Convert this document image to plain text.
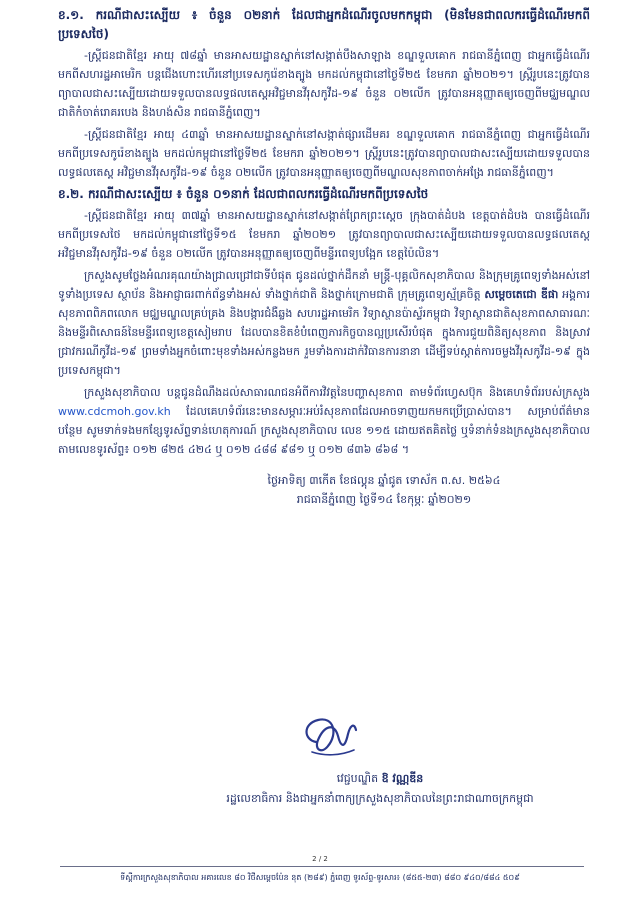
ខ.១. ករណីជាសះស្បើយ ៖ ចំនួន ០២នាក់ ដែលជាអ្នកដំណើរចូលមកកម្ពុជា (មិនមែនជាពលករធ្វើដំណើរមកពីប្រទេសថៃ)

-ស្ត្រីជនជាតិខ្មែរ អាយុ ៧៨ឆ្នាំ មានអាសយដ្ឋានស្នាក់នៅសង្កាត់បឹងសាឡាង ខណ្ឌទួលគោក រាជធានីភ្នំពេញ ជាអ្នកធ្វើដំណើរមកពីសហរដ្ឋអាមេរិក បន្តជើងហោះហើរនៅប្រទេសកូរ៉េខាងត្បូង មកដល់កម្ពុជានៅថ្ងៃទី២៥ ខែមករា ឆ្នាំ២០២១។ ស្ត្រីរូបនេះត្រូវបានព្យាបាលជាសះស្បើយដោយទទួលបានលទ្ធផលតេស្តអវិជ្ជមានវីរុសកូវីដ-១៩ ចំនួន ០២លើក ត្រូវបានអនុញ្ញាតឲ្យចេញពីមជ្ឈមណ្ឌលជាតិកំចាត់រោគរបេង និងហង់សិន រាជធានីភ្នំពេញ។

-ស្ត្រីជនជាតិខ្មែរ អាយុ ៤៣ឆ្នាំ មានអាសយដ្ឋានស្នាក់នៅសង្កាត់ផ្សារដើមគរ ខណ្ឌទួលគោក រាជធានីភ្នំពេញ ជាអ្នកធ្វើដំណើរមកពីប្រទេសកូរ៉េខាងត្បូង មកដល់កម្ពុជានៅថ្ងៃទី២៥ ខែមករា ឆ្នាំ២០២១។ ស្ត្រីរូបនេះត្រូវបានព្យាបាលជាសះស្បើយដោយទទួលបានលទ្ធផលតេស្ត អវិជ្ជមានវីរុសកូវីដ-១៩ ចំនួន ០២លើក ត្រូវបានអនុញ្ញាតឲ្យចេញពីមណ្ឌលសុខភាពចាក់អង្រែ រាជធានីភ្នំពេញ។

ខ.២. ករណីជាសះស្បើយ ៖ ចំនួន ០១នាក់ ដែលជាពលករធ្វើដំណើរមកពីប្រទេសថៃ

-ស្ត្រីជនជាតិខ្មែរ អាយុ ៣៧ឆ្នាំ មានអាសយដ្ឋានស្នាក់នៅសង្កាត់ព្រែកព្រះស្តេច ក្រុងបាត់ដំបង ខេត្តបាត់ដំបង បានធ្វើដំណើរមកពីប្រទេសថៃ មកដល់កម្ពុជានៅថ្ងៃទី១៥ ខែមករា ឆ្នាំ២០២១ ត្រូវបានព្យាបាលជាសះស្បើយដោយទទួលបានលទ្ធផលតេស្ត អវិជ្ជមានវីរុសកូវីដ-១៩ ចំនួន ០២លើក ត្រូវបានអនុញ្ញាតឲ្យចេញពីមន្ទីរពេទ្យបង្អែក ខេត្តប៉ៃលិន។

ក្រសួងសូមថ្លែងអំណរគុណយ៉ាងជ្រាលជ្រៅជាទីបំផុត ជូនដល់ថ្នាក់ដឹកនាំ មន្ត្រី-បុគ្គលិកសុខាភិបាល និងក្រុមគ្រូពេទ្យទាំងអស់នៅទូទាំងប្រទេស ស្ថាប័ន និងអាជ្ញាធរពាក់ព័ន្ធទាំងអស់ ទាំងថ្នាក់ជាតិ និងថ្នាក់ក្រោមជាតិ ក្រុមគ្រូពេទ្យស្ម័គ្រចិត្ត សម្តេចតេជោ ឌីផា អង្គការសុខភាពពិភពលោក មជ្ឈមណ្ឌលគ្រប់គ្រង និងបង្ការជំងឺឆ្លង សហរដ្ឋអាមេរិក វិទ្យាស្ថានប៉ាស្ទ័រកម្ពុជា វិទ្យាស្ថានជាតិសុខភាពសាធារណៈ និងមន្ទីរពិសោធន៍នៃមន្ទីរពេទ្យខេត្តសៀមរាប ដែលបានខិតខំបំពេញភារកិច្ចបានល្អប្រសើរបំផុត ក្នុងការជួយពិនិត្យសុខភាព និងស្រាវជ្រាវករណីកូវីដ-១៩ ព្រមទាំងអ្នកចំពោះមុខទាំងអស់កន្លងមក រួមទាំងការដាក់វិធានការនានា ដើម្បីទប់ស្កាត់ការចម្លងវីរុសកូវីដ-១៩ ក្នុងប្រទេសកម្ពុជា។

ក្រសួងសុខាភិបាល បន្តជូនដំណឹងដល់សាធារណជនអំពីការវិវត្តនៃបញ្ហាសុខភាព តាមទំព័រហ្វេសប៊ុក និងគេហទំព័ររបស់ក្រសួង www.cdcmoh.gov.kh ដែលគេហទំព័រនេះមានសម្ភារៈអប់រំសុខភាពដែលអាចទាញយកមកប្រើប្រាស់បាន។ សម្រាប់ព័ត៌មានបន្ថែម សូមទាក់ទងមកខ្សែទូរស័ព្ទទាន់ហេតុការណ៍ ក្រសួងសុខាភិបាល លេខ ១១៥ ដោយឥតគិតថ្លៃ ឬទំនាក់ទំនងក្រសួងសុខាភិបាល តាមលេខទូរស័ព្ទ៖ ០១២ ៨២៥ ៤២៤ ឬ ០១២ ៤៨៨ ៩៨១ ឬ ០១២ ៨៣៦ ៨៦៨ ។

ថ្ងៃអាទិត្យ ៣កើត ខែផល្គុន ឆ្នាំជូត ទោស័ក ព.ស. ២៥៦៤
រាជធានីភ្នំពេញ ថ្ងៃទី១៤ ខែកុម្ភៈ ឆ្នាំ២០២១
វេជ្ជបណ្ឌិត ឱ វណ្ណឌីន
រដ្ឋលេខាធិការ និងជាអ្នកនាំពាក្យក្រសួងសុខាភិបាលនៃព្រះរាជាណាចក្រកម្ពុជា
2 / 2
ទីស្តីការក្រសួងសុខាភិបាល អគារលេខ ៨០ វិថីសម្តេចប៉ែន នុត (២៨៩) ភ្នំពេញ ទូរស័ព្ទ-ទូរសារ៖ (៨៥៥-២៣) ៨៨០ ៩៤០/៨៨៤ ៥០៩
